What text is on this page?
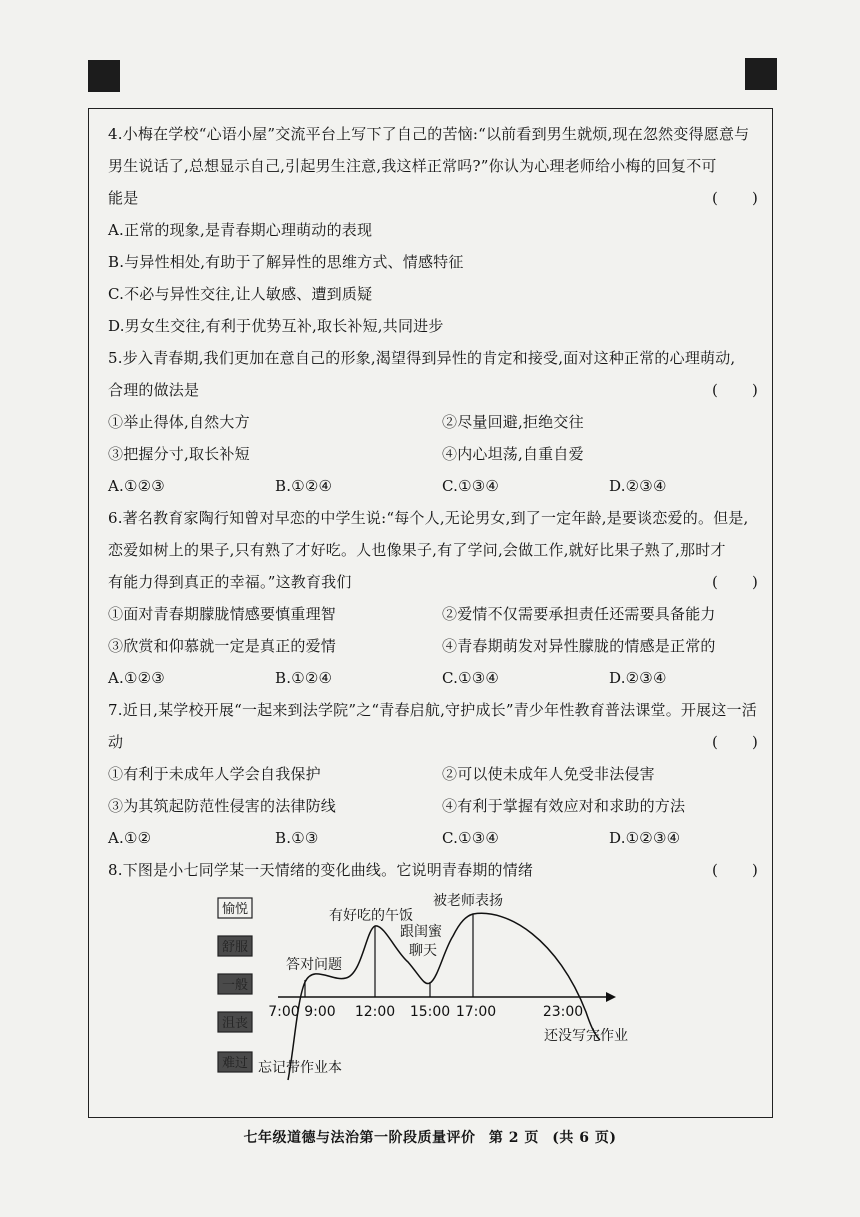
4.小梅在学校“心语小屋”交流平台上写下了自己的苦恼:“以前看到男生就烦,现在忽然变得愿意与
男生说话了,总想显示自己,引起男生注意,我这样正常吗?”你认为心理老师给小梅的回复不可
能是	( )
A.正常的现象,是青春期心理萌动的表现
B.与异性相处,有助于了解异性的思维方式、情感特征
C.不必与异性交往,让人敏感、遭到质疑
D.男女生交往,有利于优势互补,取长补短,共同进步
5.步入青春期,我们更加在意自己的形象,渴望得到异性的肯定和接受,面对这种正常的心理萌动,
合理的做法是	( )
①举止得体,自然大方	②尽量回避,拒绝交往
③把握分寸,取长补短	④内心坦荡,自重自爱
A.①②③	B.①②④	C.①③④	D.②③④
6.著名教育家陶行知曾对早恋的中学生说:“每个人,无论男女,到了一定年龄,是要谈恋爱的。但是,
恋爱如树上的果子,只有熟了才好吃。人也像果子,有了学问,会做工作,就好比果子熟了,那时才
有能力得到真正的幸福。”这教育我们	( )
①面对青春期朦胧情感要慎重理智	②爱情不仅需要承担责任还需要具备能力
③欣赏和仰慕就一定是真正的爱情	④青春期萌发对异性朦胧的情感是正常的
A.①②③	B.①②④	C.①③④	D.②③④
7.近日,某学校开展“一起来到法学院”之“青春启航,守护成长”青少年性教育普法课堂。开展这一活
动	( )
①有利于未成年人学会自我保护	②可以使未成年人免受非法侵害
③为其筑起防范性侵害的法律防线	④有利于掌握有效应对和求助的方法
A.①②	B.①③	C.①③④	D.①②③④
8.下图是小七同学某一天情绪的变化曲线。它说明青春期的情绪	( )
愉悦
舒服
一般
沮丧
难过
7:00 9:00 12:00 15:00 17:00	23:00
有好吃的午饭
被老师表扬
跟闺蜜
聊天
答对问题
还没写完作业
忘记带作业本
七年级道德与法治第一阶段质量评价 第 2 页 (共 6 页)
